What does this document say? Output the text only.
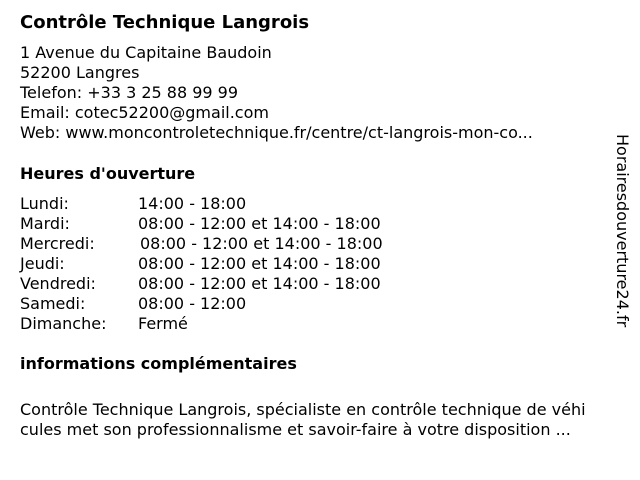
Contrôle Technique Langrois

1 Avenue du Capitaine Baudoin

52200 Langres

Telefon: +33 3 25 88 99 99

Email: cotec52200@gmail.com

Web: www.moncontroletechnique.fr/centre/ct-langrois-mon-co...

Heures d'ouverture
Lundi:	14:00 - 18:00
Mardi:	08:00 - 12:00 et 14:00 - 18:00
Mercredi:	08:00 - 12:00 et 14:00 - 18:00
Jeudi:	08:00 - 12:00 et 14:00 - 18:00
Vendredi:	08:00 - 12:00 et 14:00 - 18:00
Samedi:	08:00 - 12:00
Dimanche: Fermé
informations complémentaires

Contrôle Technique Langrois, spécialiste en contrôle technique de véhi

cules met son professionnalisme et savoir-faire à votre disposition ...

Horairesdouverture24.fr
